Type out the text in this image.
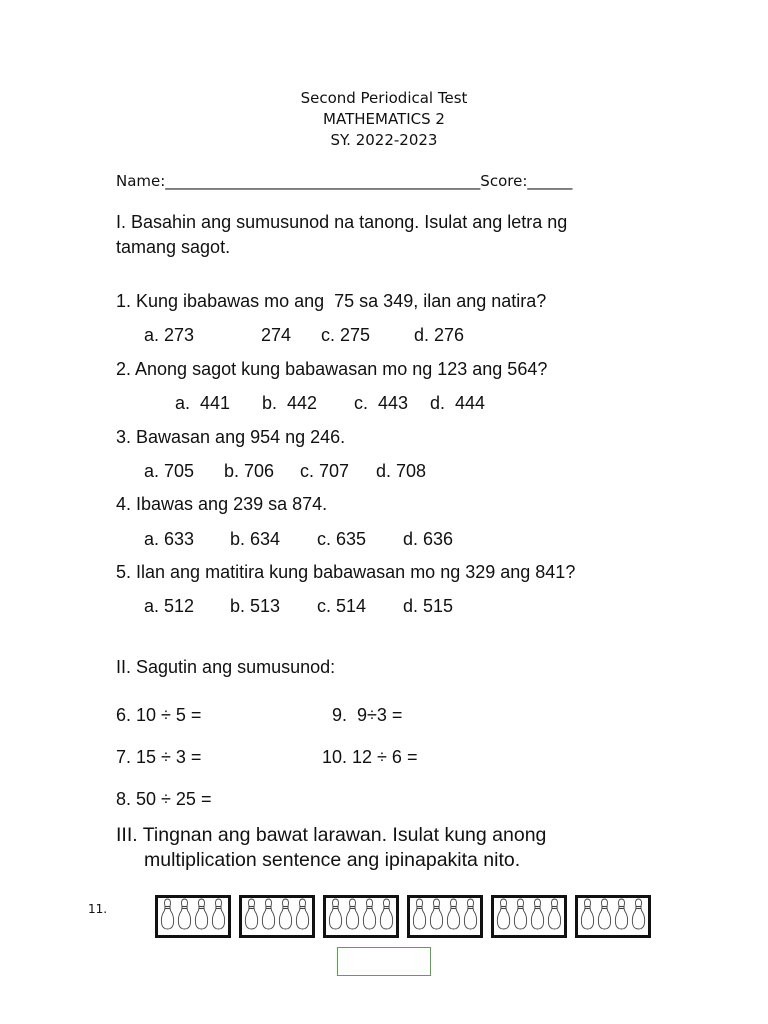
Second Periodical Test
MATHEMATICS 2
SY. 2022-2023
Name:__________________________________________Score:______
I. Basahin ang sumusunod na tanong. Isulat ang letra ng
tamang sagot.
1. Kung ibabawas mo ang  75 sa 349, ilan ang natira?
a. 273	274 c. 275 d. 276
2. Anong sagot kung babawasan mo ng 123 ang 564?
a.  441 b.  442 c.  443 d.  444
3. Bawasan ang 954 ng 246.
a. 705 b. 706 c. 707 d. 708
4. Ibawas ang 239 sa 874.
a. 633 b. 634 c. 635 d. 636
5. Ilan ang matitira kung babawasan mo ng 329 ang 841?
a. 512 b. 513 c. 514 d. 515
II. Sagutin ang sumusunod:
6. 10 ÷ 5 =	9.  9÷3 =
7. 15 ÷ 3 =	10. 12 ÷ 6 =
8. 50 ÷ 25 =
III. Tingnan ang bawat larawan. Isulat kung anong
multiplication sentence ang ipinapakita nito.
11.
